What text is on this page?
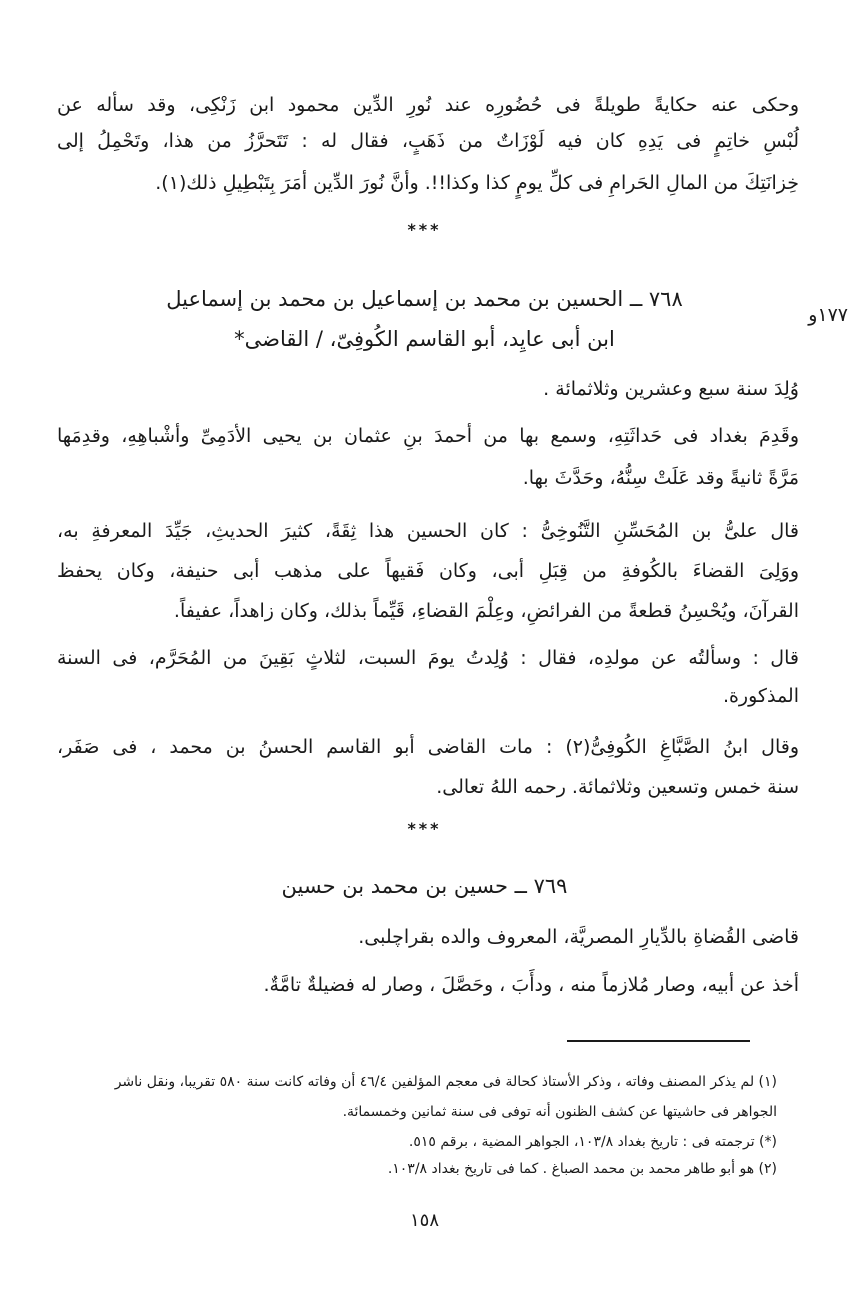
وحكى عنه حكايةً طويلةً فى حُضُورِه عند نُورِ الدِّين محمود ابن زَنْكِى، وقد سأله عن
لُبْسِ خاتِمٍ فى يَدِهِ كان فيه لَوْزَاتٌ من ذَهَبٍ، فقال له : تَتَحرَّزُ من هذا، وتَحْمِلُ إلى
خِزانَتِكَ من المالِ الحَرامِ فى كلِّ يومٍ كذا وكذا!!. وأنَّ نُورَ الدِّين أمَرَ بِتَبْطِيلِ ذلك(١).
***
٧٦٨ ــ الحسين بن محمد بن إسماعيل بن محمد بن إسماعيل
ابن أبى عايِد، أبو القاسم الكُوفِىّ، / القاضى*
١٧٧و
وُلِدَ سنة سبع وعشرين وثلاثمائة .
وقَدِمَ بغداد فى حَداثَتِهِ، وسمع بها من أحمدَ بنِ عثمان بن يحيى الأدَمِىِّ وأشْباهِهِ، وقدِمَها
مَرَّةً ثانيةً وقد عَلَتْ سِنُّهُ، وحَدَّثَ بها.
قال علىُّ بن المُحَسِّنِ التَّنُوخِىُّ : كان الحسين هذا ثِقَةً، كثيرَ الحديثِ، جَيِّدَ المعرفةِ به،
ووَلِىَ القضاءَ بالكُوفةِ من قِبَلِ أبى، وكان فَقيهاً على مذهب أبى حنيفة، وكان يحفظ
القرآنَ، ويُحْسِنُ قطعةً من الفرائضِ، وعِلْمَ القضاءِ، قَيِّماً بذلك، وكان زاهداً، عفيفاً.
قال : وسألتُه عن مولدِه، فقال : وُلِدتُ يومَ السبت، لثلاثٍ بَقِينَ من المُحَرَّم، فى السنة
المذكورة.
وقال ابنُ الصَّبَّاغِ الكُوفِىُّ(٢) : مات القاضى أبو القاسم الحسنُ بن محمد ، فى صَفَر،
سنة خمس وتسعين وثلاثمائة. رحمه اللهُ تعالى.
***
٧٦٩ ــ حسين بن محمد بن حسين
قاضى القُضاةِ بالدِّيارِ المصريَّة، المعروف والده بقراچلبى.
أخذ عن أبيه، وصار مُلازماً منه ، ودأَبَ ، وحَصَّلَ ، وصار له فضيلةٌ تامَّةٌ.
(١) لم يذكر المصنف وفاته ، وذكر الأستاذ كحالة فى معجم المؤلفين ٤٦/٤ أن وفاته كانت سنة ٥٨٠ تقريبا، ونقل ناشر
الجواهر فى حاشيتها عن كشف الظنون أنه توفى فى سنة ثمانين وخمسمائة.
(*) ترجمته فى : تاريخ بغداد ١٠٣/٨، الجواهر المضية ، برقم ٥١٥.
(٢) هو أبو طاهر محمد بن محمد الصباغ . كما فى تاريخ بغداد ١٠٣/٨.
١٥٨
